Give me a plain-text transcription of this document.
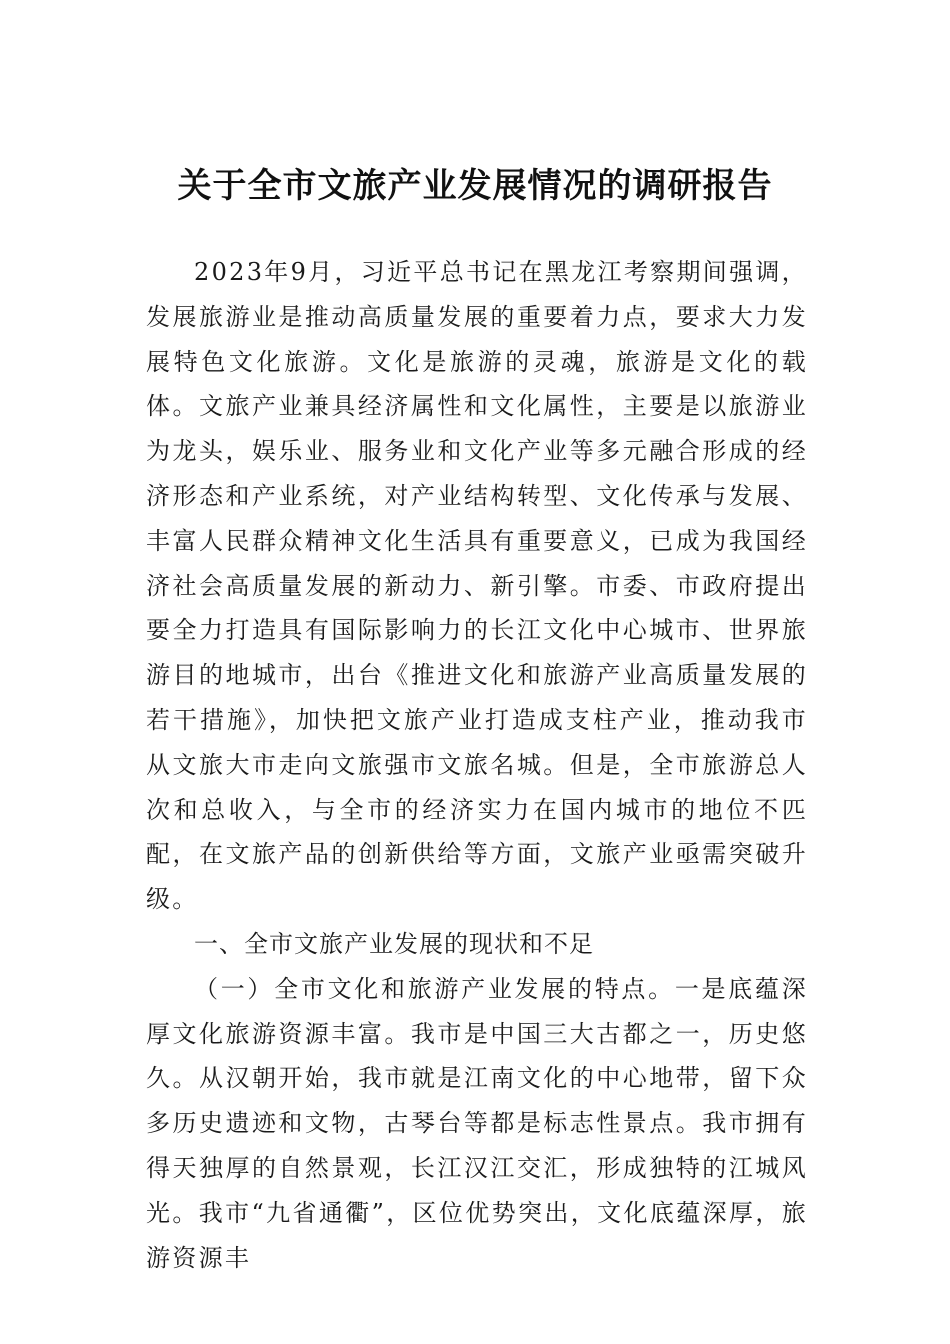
关于全市文旅产业发展情况的调研报告

2023年9月，习近平总书记在黑龙江考察期间强调，发展旅游业是推动高质量发展的重要着力点，要求大力发展特色文化旅游。文化是旅游的灵魂，旅游是文化的载体。文旅产业兼具经济属性和文化属性，主要是以旅游业为龙头，娱乐业、服务业和文化产业等多元融合形成的经济形态和产业系统，对产业结构转型、文化传承与发展、丰富人民群众精神文化生活具有重要意义，已成为我国经济社会高质量发展的新动力、新引擎。市委、市政府提出要全力打造具有国际影响力的长江文化中心城市、世界旅游目的地城市，出台《推进文化和旅游产业高质量发展的若干措施》，加快把文旅产业打造成支柱产业，推动我市从文旅大市走向文旅强市文旅名城。但是，全市旅游总人次和总收入，与全市的经济实力在国内城市的地位不匹配，在文旅产品的创新供给等方面，文旅产业亟需突破升级。

一、全市文旅产业发展的现状和不足

（一）全市文化和旅游产业发展的特点。一是底蕴深厚文化旅游资源丰富。我市是中国三大古都之一，历史悠久。从汉朝开始，我市就是江南文化的中心地带，留下众多历史遗迹和文物，古琴台等都是标志性景点。我市拥有得天独厚的自然景观，长江汉江交汇，形成独特的江城风光。我市“九省通衢”，区位优势突出，文化底蕴深厚，旅游资源丰
